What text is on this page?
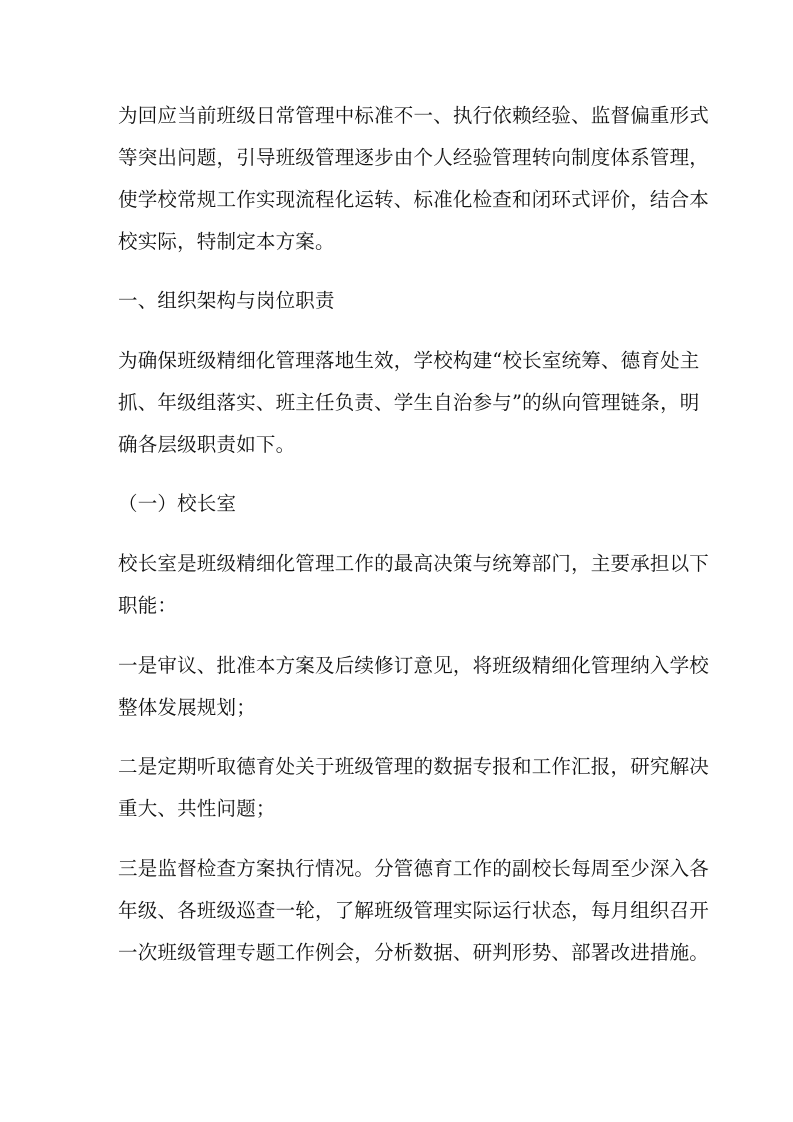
为回应当前班级日常管理中标准不一、执行依赖经验、监督偏重形式
等突出问题，引导班级管理逐步由个人经验管理转向制度体系管理，
使学校常规工作实现流程化运转、标准化检查和闭环式评价，结合本
校实际，特制定本方案。
一、组织架构与岗位职责
为确保班级精细化管理落地生效，学校构建“校长室统筹、德育处主
抓、年级组落实、班主任负责、学生自治参与”的纵向管理链条，明
确各层级职责如下。
（一）校长室
校长室是班级精细化管理工作的最高决策与统筹部门，主要承担以下
职能：
一是审议、批准本方案及后续修订意见，将班级精细化管理纳入学校
整体发展规划；
二是定期听取德育处关于班级管理的数据专报和工作汇报，研究解决
重大、共性问题；
三是监督检查方案执行情况。分管德育工作的副校长每周至少深入各
年级、各班级巡查一轮，了解班级管理实际运行状态，每月组织召开
一次班级管理专题工作例会，分析数据、研判形势、部署改进措施。
